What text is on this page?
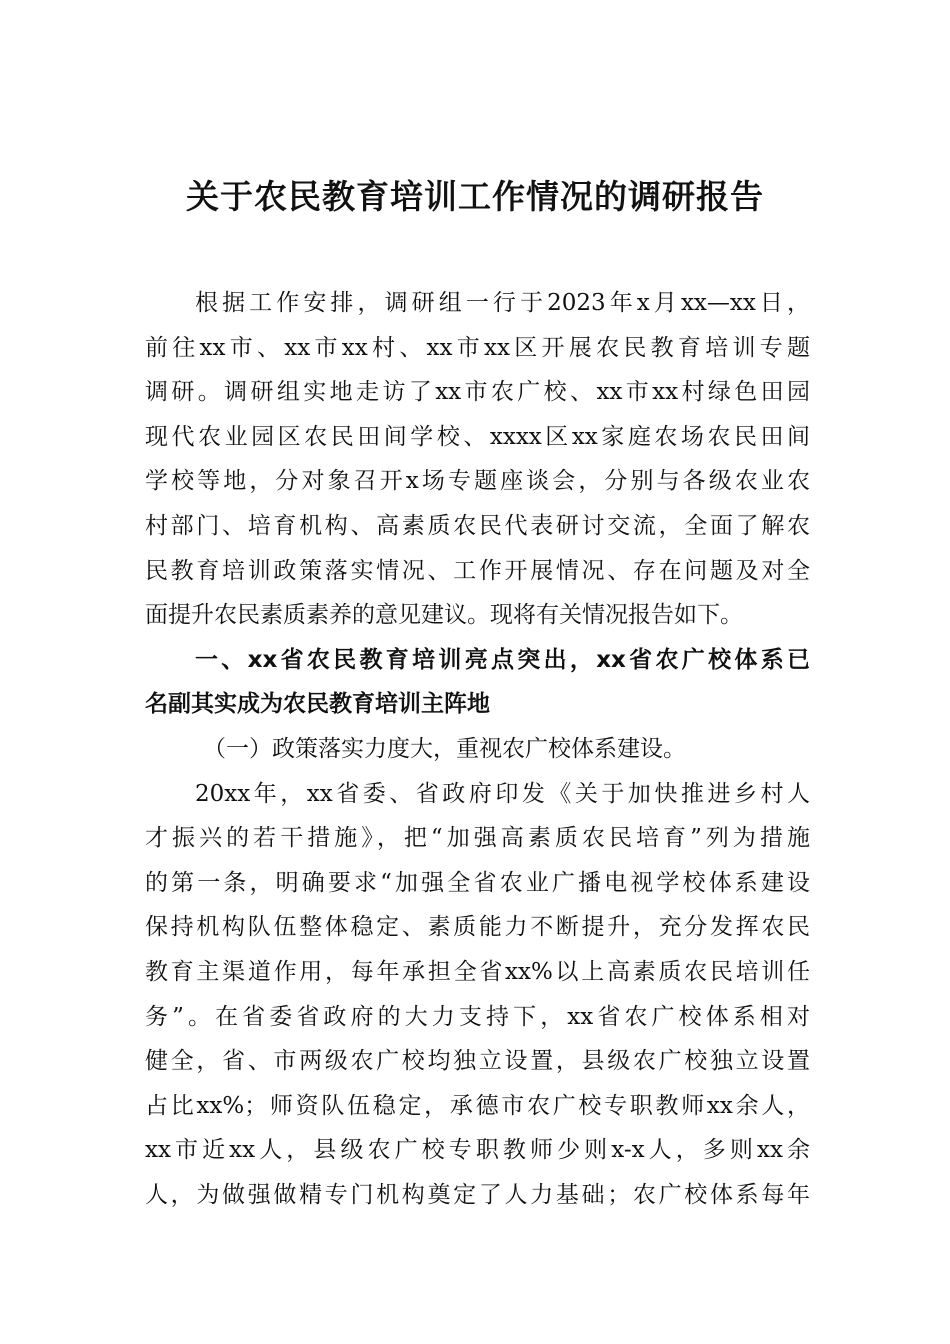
关于农民教育培训工作情况的调研报告
根据工作安排，调研组一行于2023年x月xx—xx日，
前往xx市、xx市xx村、xx市xx区开展农民教育培训专题
调研。调研组实地走访了xx市农广校、xx市xx村绿色田园
现代农业园区农民田间学校、xxxx区xx家庭农场农民田间
学校等地，分对象召开x场专题座谈会，分别与各级农业农
村部门、培育机构、高素质农民代表研讨交流，全面了解农
民教育培训政策落实情况、工作开展情况、存在问题及对全
面提升农民素质素养的意见建议。现将有关情况报告如下。
一、xx省农民教育培训亮点突出，xx省农广校体系已
名副其实成为农民教育培训主阵地
（一）政策落实力度大，重视农广校体系建设。
20xx年，xx省委、省政府印发《关于加快推进乡村人
才振兴的若干措施》，把“加强高素质农民培育”列为措施
的第一条，明确要求“加强全省农业广播电视学校体系建设
保持机构队伍整体稳定、素质能力不断提升，充分发挥农民
教育主渠道作用，每年承担全省xx%以上高素质农民培训任
务”。在省委省政府的大力支持下，xx省农广校体系相对
健全，省、市两级农广校均独立设置，县级农广校独立设置
占比xx%；师资队伍稳定，承德市农广校专职教师xx余人，
xx市近xx人，县级农广校专职教师少则x-x人，多则xx余
人，为做强做精专门机构奠定了人力基础；农广校体系每年
